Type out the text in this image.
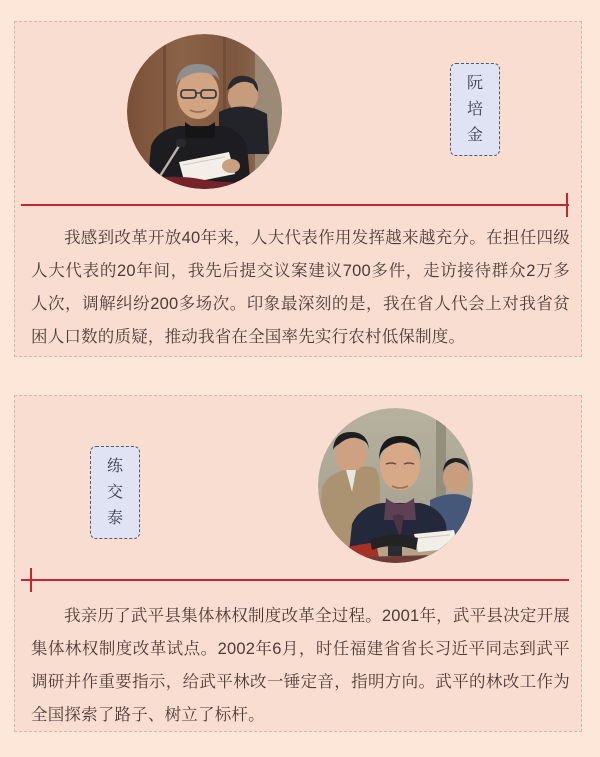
阮
培
金

我感到改革开放40年来，人大代表作用发挥越来越充分。在担任四级人大代表的20年间，我先后提交议案建议700多件，走访接待群众2万多人次，调解纠纷200多场次。印象最深刻的是，我在省人代会上对我省贫困人口数的质疑，推动我省在全国率先实行农村低保制度。

练
交
泰

我亲历了武平县集体林权制度改革全过程。2001年，武平县决定开展集体林权制度改革试点。2002年6月，时任福建省省长习近平同志到武平调研并作重要指示，给武平林改一锤定音，指明方向。武平的林改工作为全国探索了路子、树立了标杆。
